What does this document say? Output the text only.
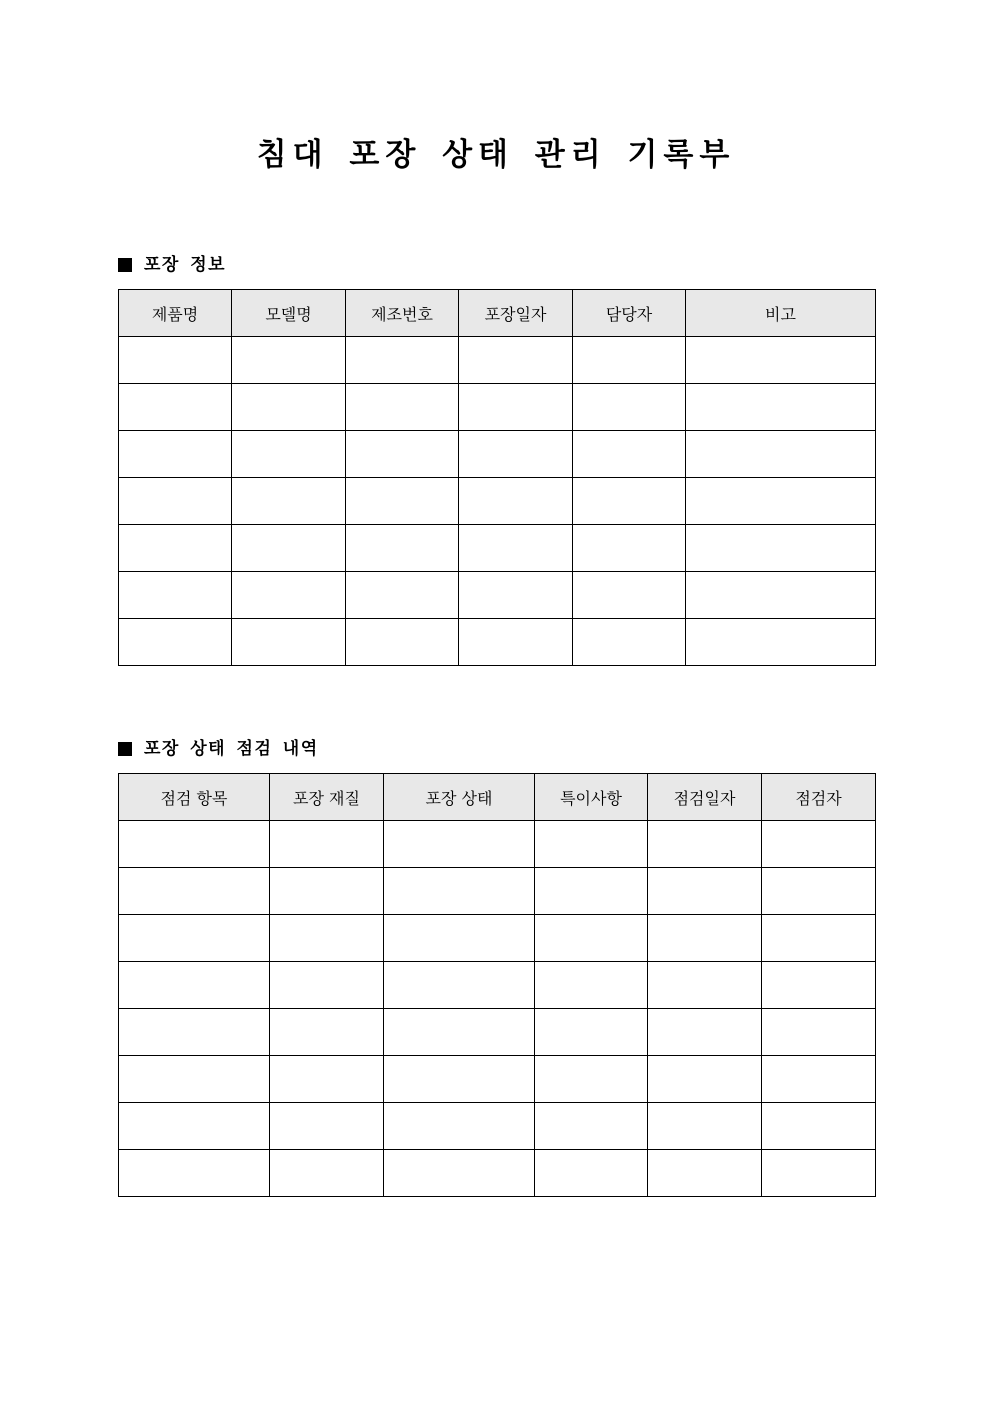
침대 포장 상태 관리 기록부
포장 정보
제품명	모델명	제조번호	포장일자	담당자	비고

포장 상태 점검 내역
점검 항목	포장 재질	포장 상태	특이사항	점검일자	점검자
